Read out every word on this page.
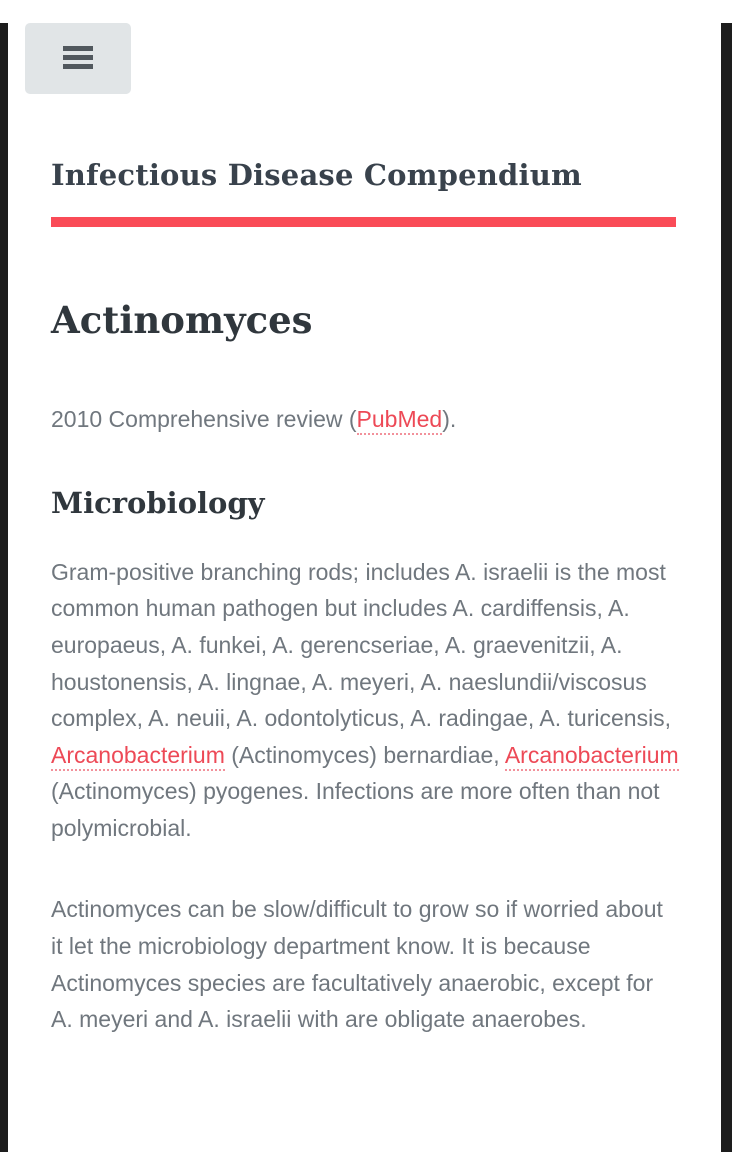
Infectious Disease Compendium
Actinomyces

2010 Comprehensive review (PubMed).

Microbiology

Gram-positive branching rods; includes A. israelii is the most common human pathogen but includes A. cardiffensis, A. europaeus, A. funkei, A. gerencseriae, A. graevenitzii, A. houstonensis, A. lingnae, A. meyeri, A. naeslundii/viscosus complex, A. neuii, A. odontolyticus, A. radingae, A. turicensis, Arcanobacterium (Actinomyces) bernardiae, Arcanobacterium (Actinomyces) pyogenes. Infections are more often than not polymicrobial.

Actinomyces can be slow/difficult to grow so if worried about it let the microbiology department know. It is because Actinomyces species are facultatively anaerobic, except for A. meyeri and A. israelii with are obligate anaerobes.
